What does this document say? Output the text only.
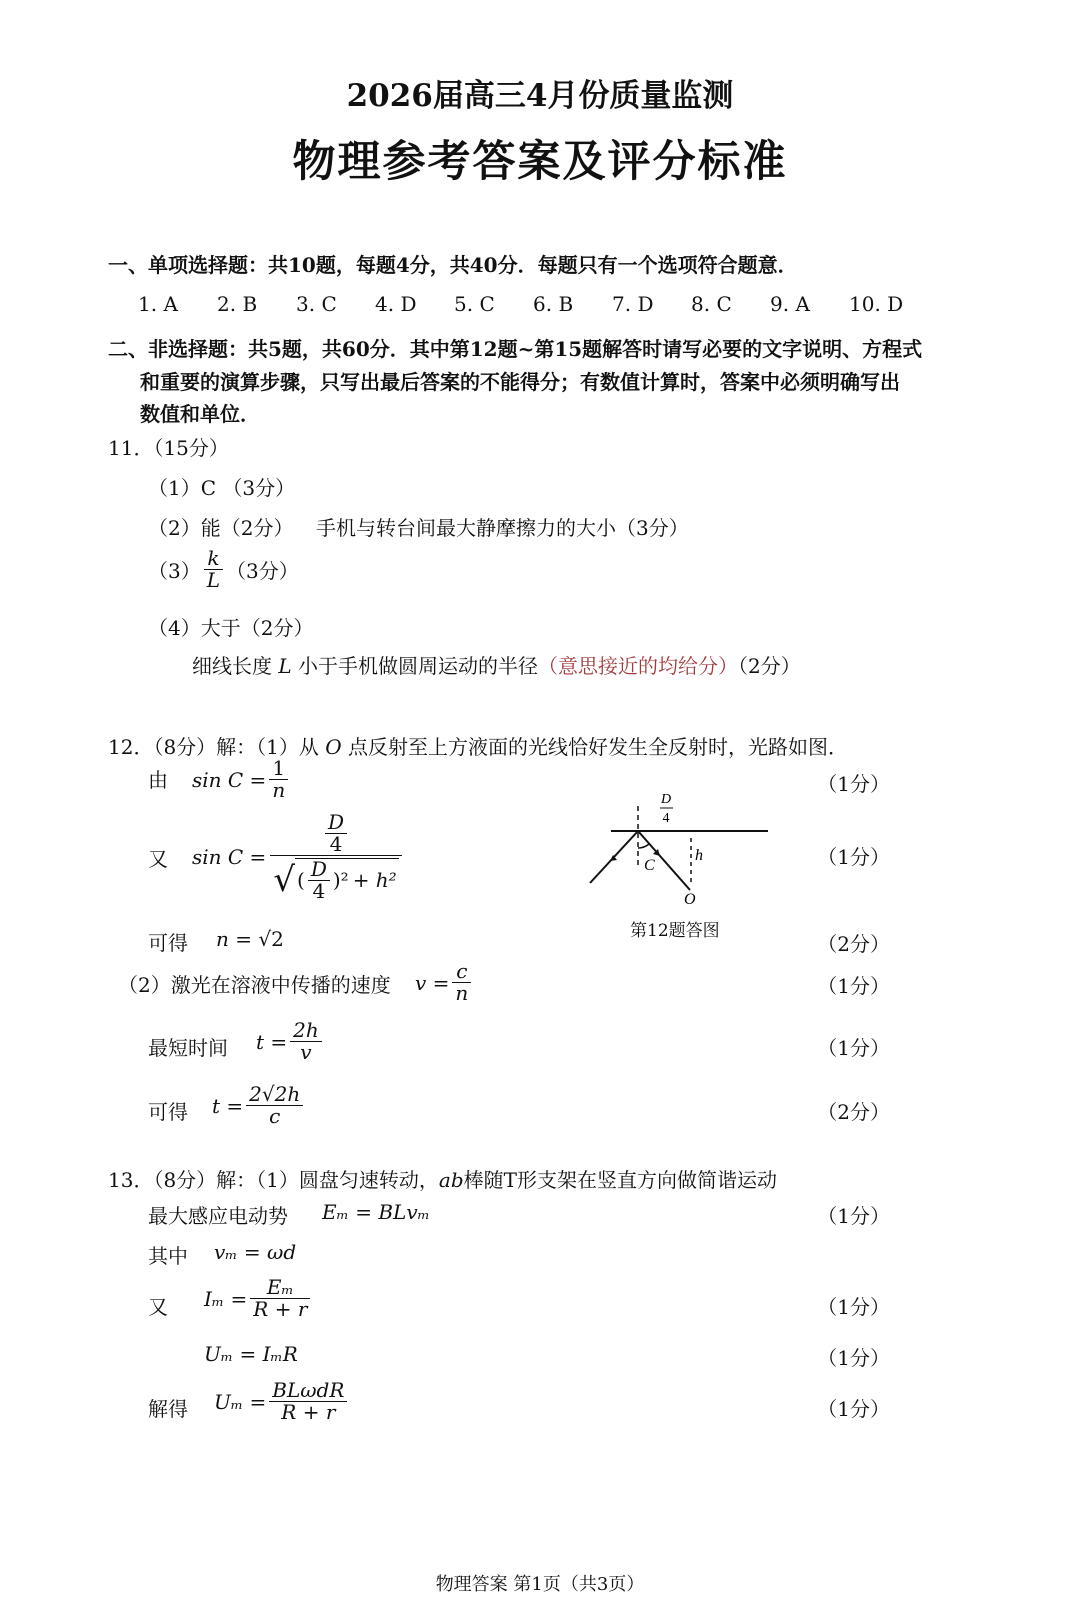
2026届高三4月份质量监测
物理参考答案及评分标准
一、单项选择题：共10题，每题4分，共40分．每题只有一个选项符合题意．
1. A	2. B	3. C	4. D	5. C	6. B	7. D	8. C	9. A	10. D
二、非选择题：共5题，共60分．其中第12题~第15题解答时请写必要的文字说明、方程式
和重要的演算步骤，只写出最后答案的不能得分；有数值计算时，答案中必须明确写出
数值和单位．
11．（15分）
（1）C （3分）
（2）能（2分） 手机与转台间最大静摩擦力的大小（3分）
$(3) \frac{k}{L} (3$分）
（4）大于（2分）
细线长度 L 小于手机做圆周运动的半径（意思接近的均给分）（2分）
12．（8分）解：（1）从 O 点反射至上方液面的光线恰好发生全反射时，光路如图．
由 $\sin C = \frac{1}{n}$
又 $\sin C = \frac{\frac{D}{4}}{√ ( \frac{D}{4} )^2 + h^2}$
可得 n = √2
D
4
C
h
O
第12题答图
（2）激光在溶液中传播的速度 $v = \frac{c}{n}$
最短时间 $t = \frac{2h}{v}$
可得 $t = \frac{2√2h}{c}$
（1分）
（1分）
（2分）
（1分）
（1分）
（2分）
13．（8分）解：（1）圆盘匀速转动，ab棒随T形支架在竖直方向做简谐运动
最大感应电动势 Eₘ = BLvₘ
其中 vₘ = ωd
又 $I_m = \frac{\text{Eₘ}}{R + r}$
Uₘ = IₘR
解得 $U_m = \frac{\text{BLωdR}}{R + r}$
（1分）
（1分）
（1分）
（1分）
物理答案 第1页（共3页）
